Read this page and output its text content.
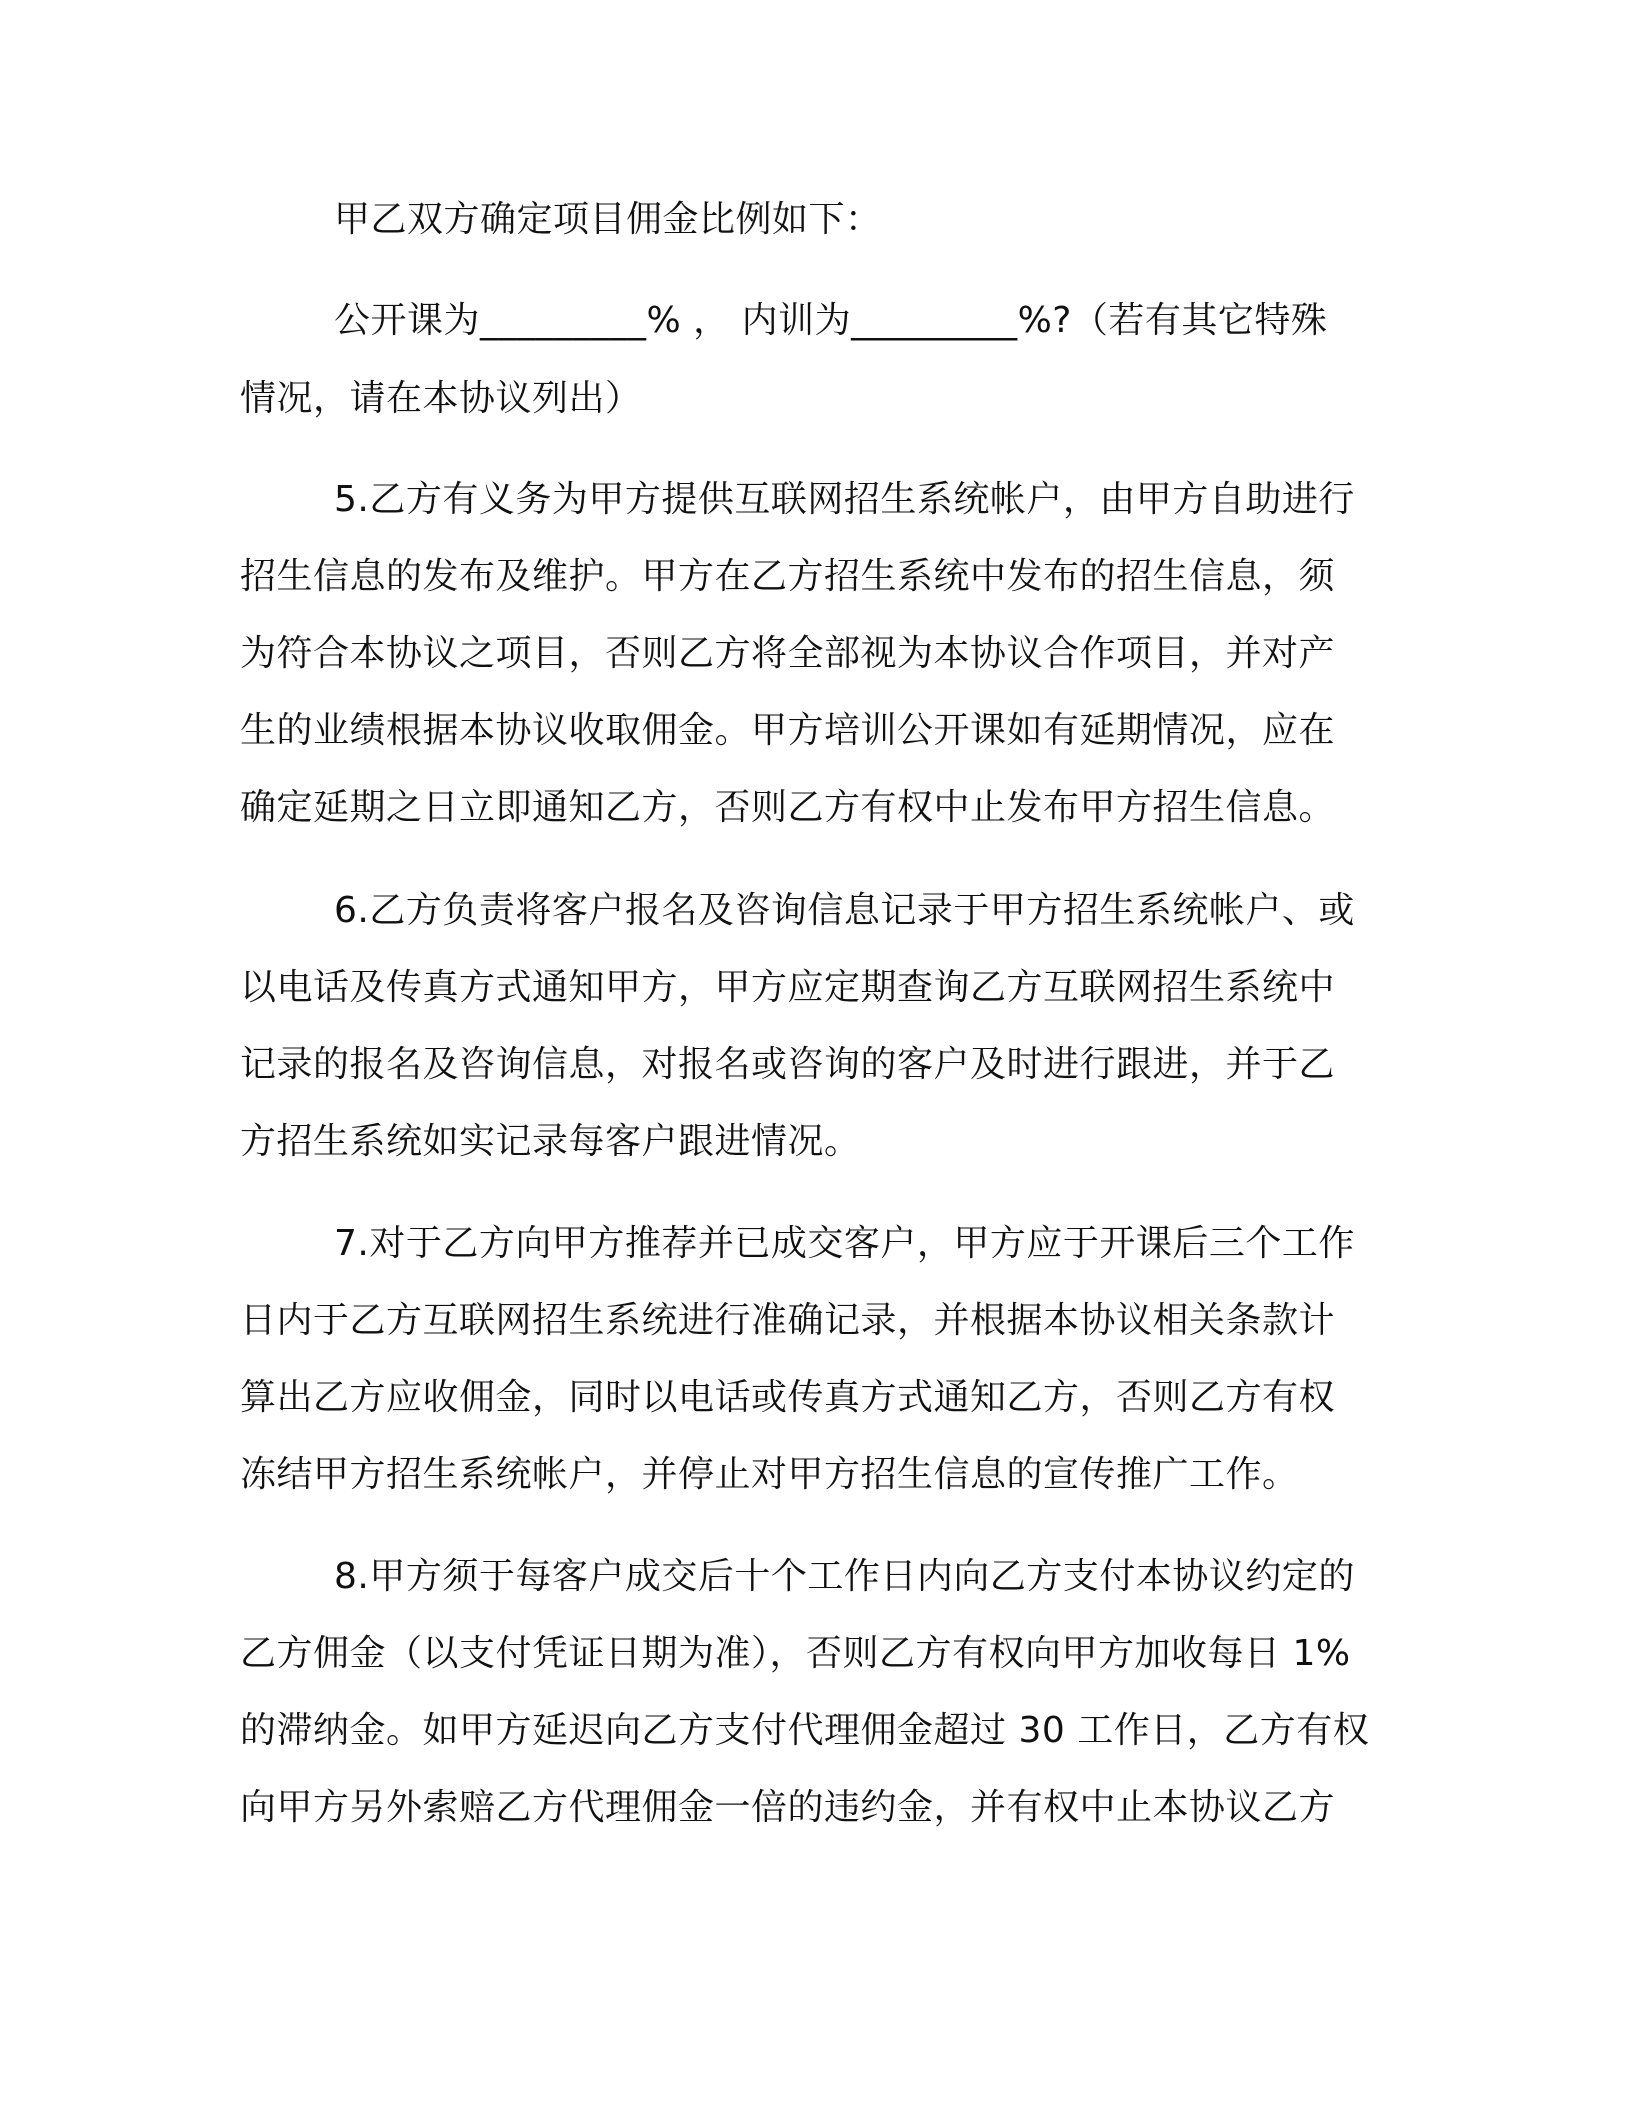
甲乙双方确定项目佣金比例如下：
公开课为_________% ， 内训为_________%?（若有其它特殊
情况，请在本协议列出）
5.乙方有义务为甲方提供互联网招生系统帐户，由甲方自助进行
招生信息的发布及维护。甲方在乙方招生系统中发布的招生信息，须
为符合本协议之项目，否则乙方将全部视为本协议合作项目，并对产
生的业绩根据本协议收取佣金。甲方培训公开课如有延期情况，应在
确定延期之日立即通知乙方，否则乙方有权中止发布甲方招生信息。
6.乙方负责将客户报名及咨询信息记录于甲方招生系统帐户、或
以电话及传真方式通知甲方，甲方应定期查询乙方互联网招生系统中
记录的报名及咨询信息，对报名或咨询的客户及时进行跟进，并于乙
方招生系统如实记录每客户跟进情况。
7.对于乙方向甲方推荐并已成交客户，甲方应于开课后三个工作
日内于乙方互联网招生系统进行准确记录，并根据本协议相关条款计
算出乙方应收佣金，同时以电话或传真方式通知乙方，否则乙方有权
冻结甲方招生系统帐户，并停止对甲方招生信息的宣传推广工作。
8.甲方须于每客户成交后十个工作日内向乙方支付本协议约定的
乙方佣金（以支付凭证日期为准），否则乙方有权向甲方加收每日 1%
的滞纳金。如甲方延迟向乙方支付代理佣金超过 30 工作日，乙方有权
向甲方另外索赔乙方代理佣金一倍的违约金，并有权中止本协议乙方
